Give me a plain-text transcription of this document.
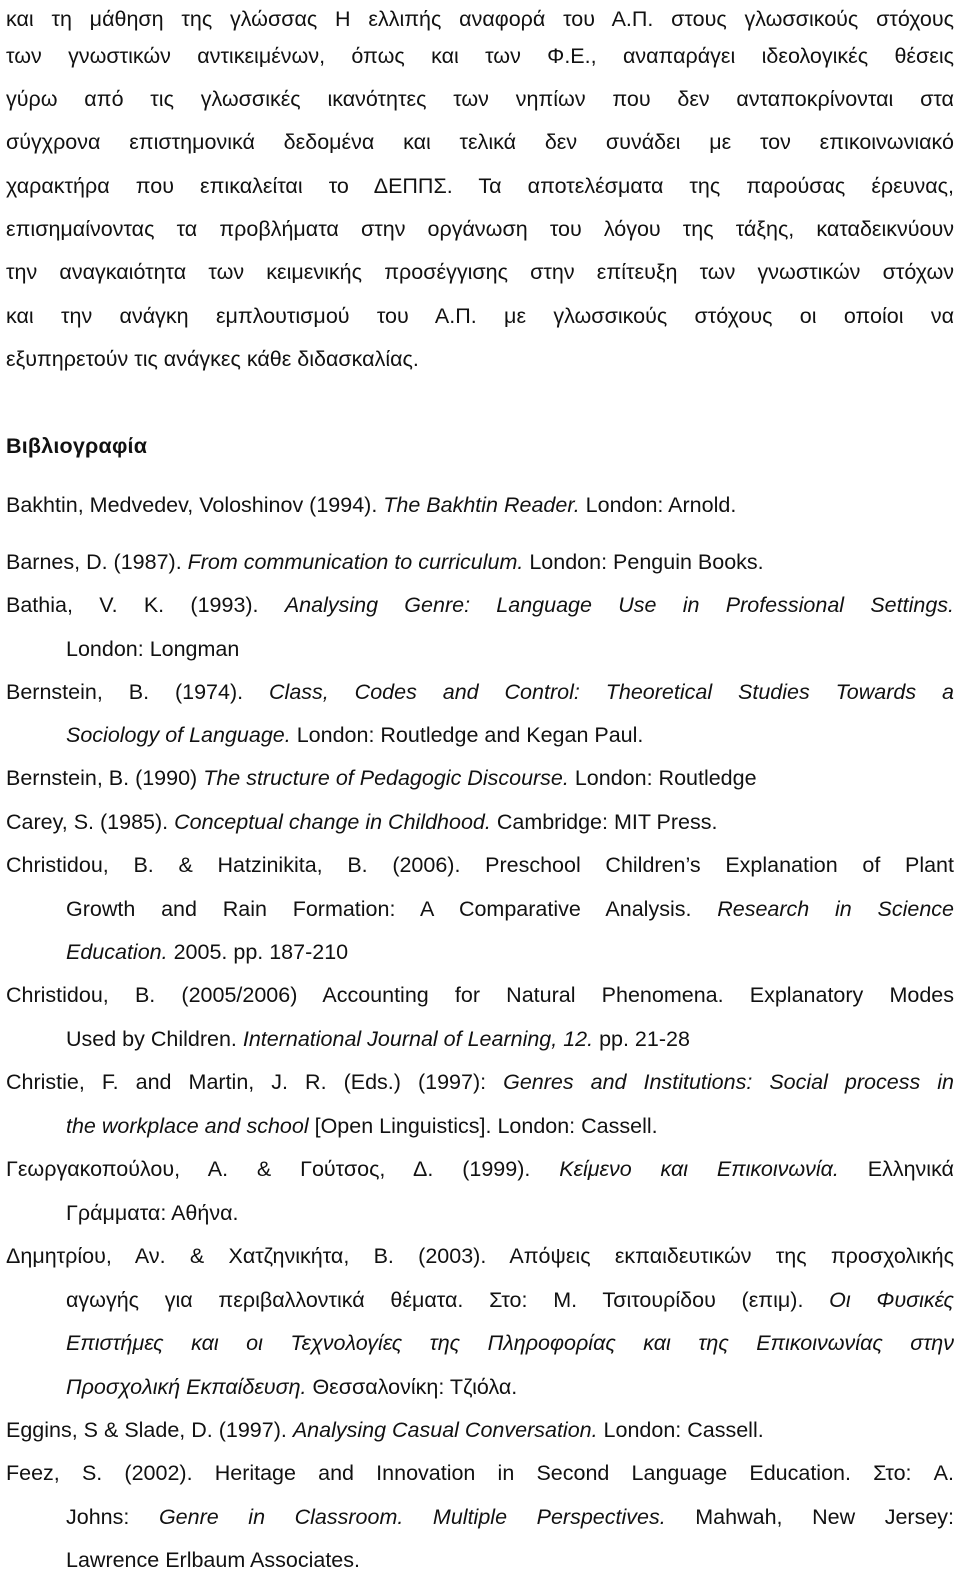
και τη μάθηση της γλώσσας Η ελλιπής αναφορά του Α.Π. στους γλωσσικούς στόχους
των γνωστικών αντικειμένων, όπως και των Φ.Ε., αναπαράγει ιδεολογικές θέσεις
γύρω από τις γλωσσικές ικανότητες των νηπίων που δεν ανταποκρίνονται στα
σύγχρονα επιστημονικά δεδομένα και τελικά δεν συνάδει με τον επικοινωνιακό
χαρακτήρα που επικαλείται το ΔΕΠΠΣ. Τα αποτελέσματα της παρούσας έρευνας,
επισημαίνοντας τα προβλήματα στην οργάνωση του λόγου της τάξης, καταδεικνύουν
την αναγκαιότητα των κειμενικής προσέγγισης στην επίτευξη των γνωστικών στόχων
και την ανάγκη εμπλουτισμού του Α.Π. με γλωσσικούς στόχους οι οποίοι να
εξυπηρετούν τις ανάγκες κάθε διδασκαλίας.
Βιβλιογραφία
Bakhtin, Medvedev, Voloshinov (1994). The Bakhtin Reader. London: Arnold.
Barnes, D. (1987). From communication to curriculum. London: Penguin Books.
Bathia, V. K. (1993). Analysing Genre: Language Use in Professional Settings.
London: Longman
Bernstein, B. (1974). Class, Codes and Control: Theoretical Studies Towards a
Sociology of Language. London: Routledge and Kegan Paul.
Bernstein, B. (1990) The structure of Pedagogic Discourse. London: Routledge
Carey, S. (1985). Conceptual change in Childhood. Cambridge: MIT Press.
Christidou, B. & Hatzinikita, B. (2006). Preschool Children’s Explanation of Plant
Growth and Rain Formation: A Comparative Analysis. Research in Science
Education. 2005. pp. 187-210
Christidou, B. (2005/2006) Accounting for Natural Phenomena. Explanatory Modes
Used by Children. International Journal of Learning, 12. pp. 21-28
Christie, F. and Martin, J. R. (Eds.) (1997): Genres and Institutions: Social process in
the workplace and school [Open Linguistics]. London: Cassell.
Γεωργακοπούλου, Α. & Γούτσος, Δ. (1999). Κείμενο και Επικοινωνία. Ελληνικά
Γράμματα: Αθήνα.
Δημητρίου, Αν. & Χατζηνικήτα, Β. (2003). Απόψεις εκπαιδευτικών της προσχολικής
αγωγής για περιβαλλοντικά θέματα. Στο: Μ. Τσιτουρίδου (επιμ). Οι Φυσικές
Επιστήμες και οι Τεχνολογίες της Πληροφορίας και της Επικοινωνίας στην
Προσχολική Εκπαίδευση. Θεσσαλονίκη: Τζιόλα.
Eggins, S & Slade, D. (1997). Analysing Casual Conversation. London: Cassell.
Feez, S. (2002). Heritage and Innovation in Second Language Education. Στο: A.
Johns: Genre in Classroom. Multiple Perspectives. Mahwah, New Jersey:
Lawrence Erlbaum Associates.
